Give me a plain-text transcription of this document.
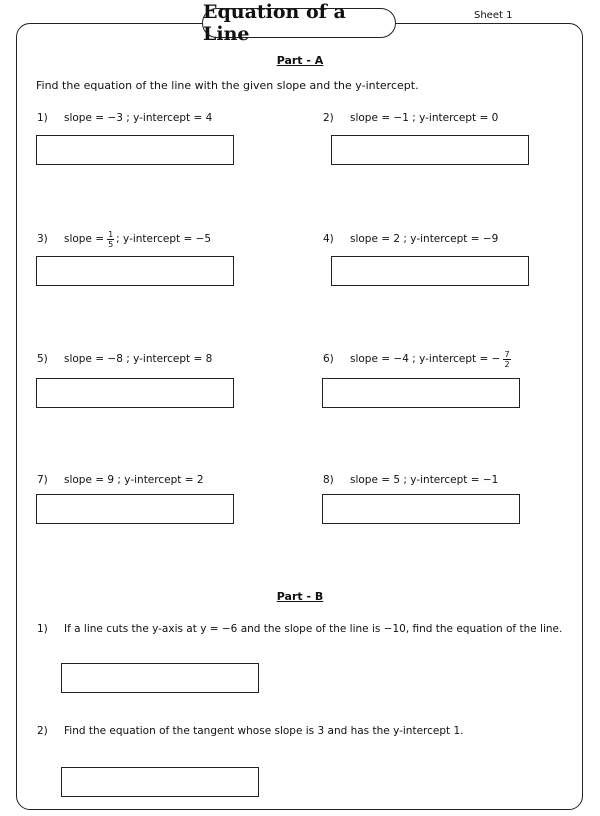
Equation of a Line
Sheet 1
Part - A
Find the equation of the line with the given slope and the y-intercept.
1) slope = −3 ; y-intercept = 4	2) slope = −1 ; y-intercept = 0
3) slope = $\frac{1}{5}$ ; y-intercept = −5	4) slope = 2 ; y-intercept = −9
5) slope = −8 ; y-intercept = 8	6) slope = −4 ; y-intercept = − $\frac{7}{2}$
7) slope = 9 ; y-intercept = 2	8) slope = 5 ; y-intercept = −1
Part - B
1) If a line cuts the y-axis at y = −6 and the slope of the line is −10, find the equation of the line.
2) Find the equation of the tangent whose slope is 3 and has the y-intercept 1.
